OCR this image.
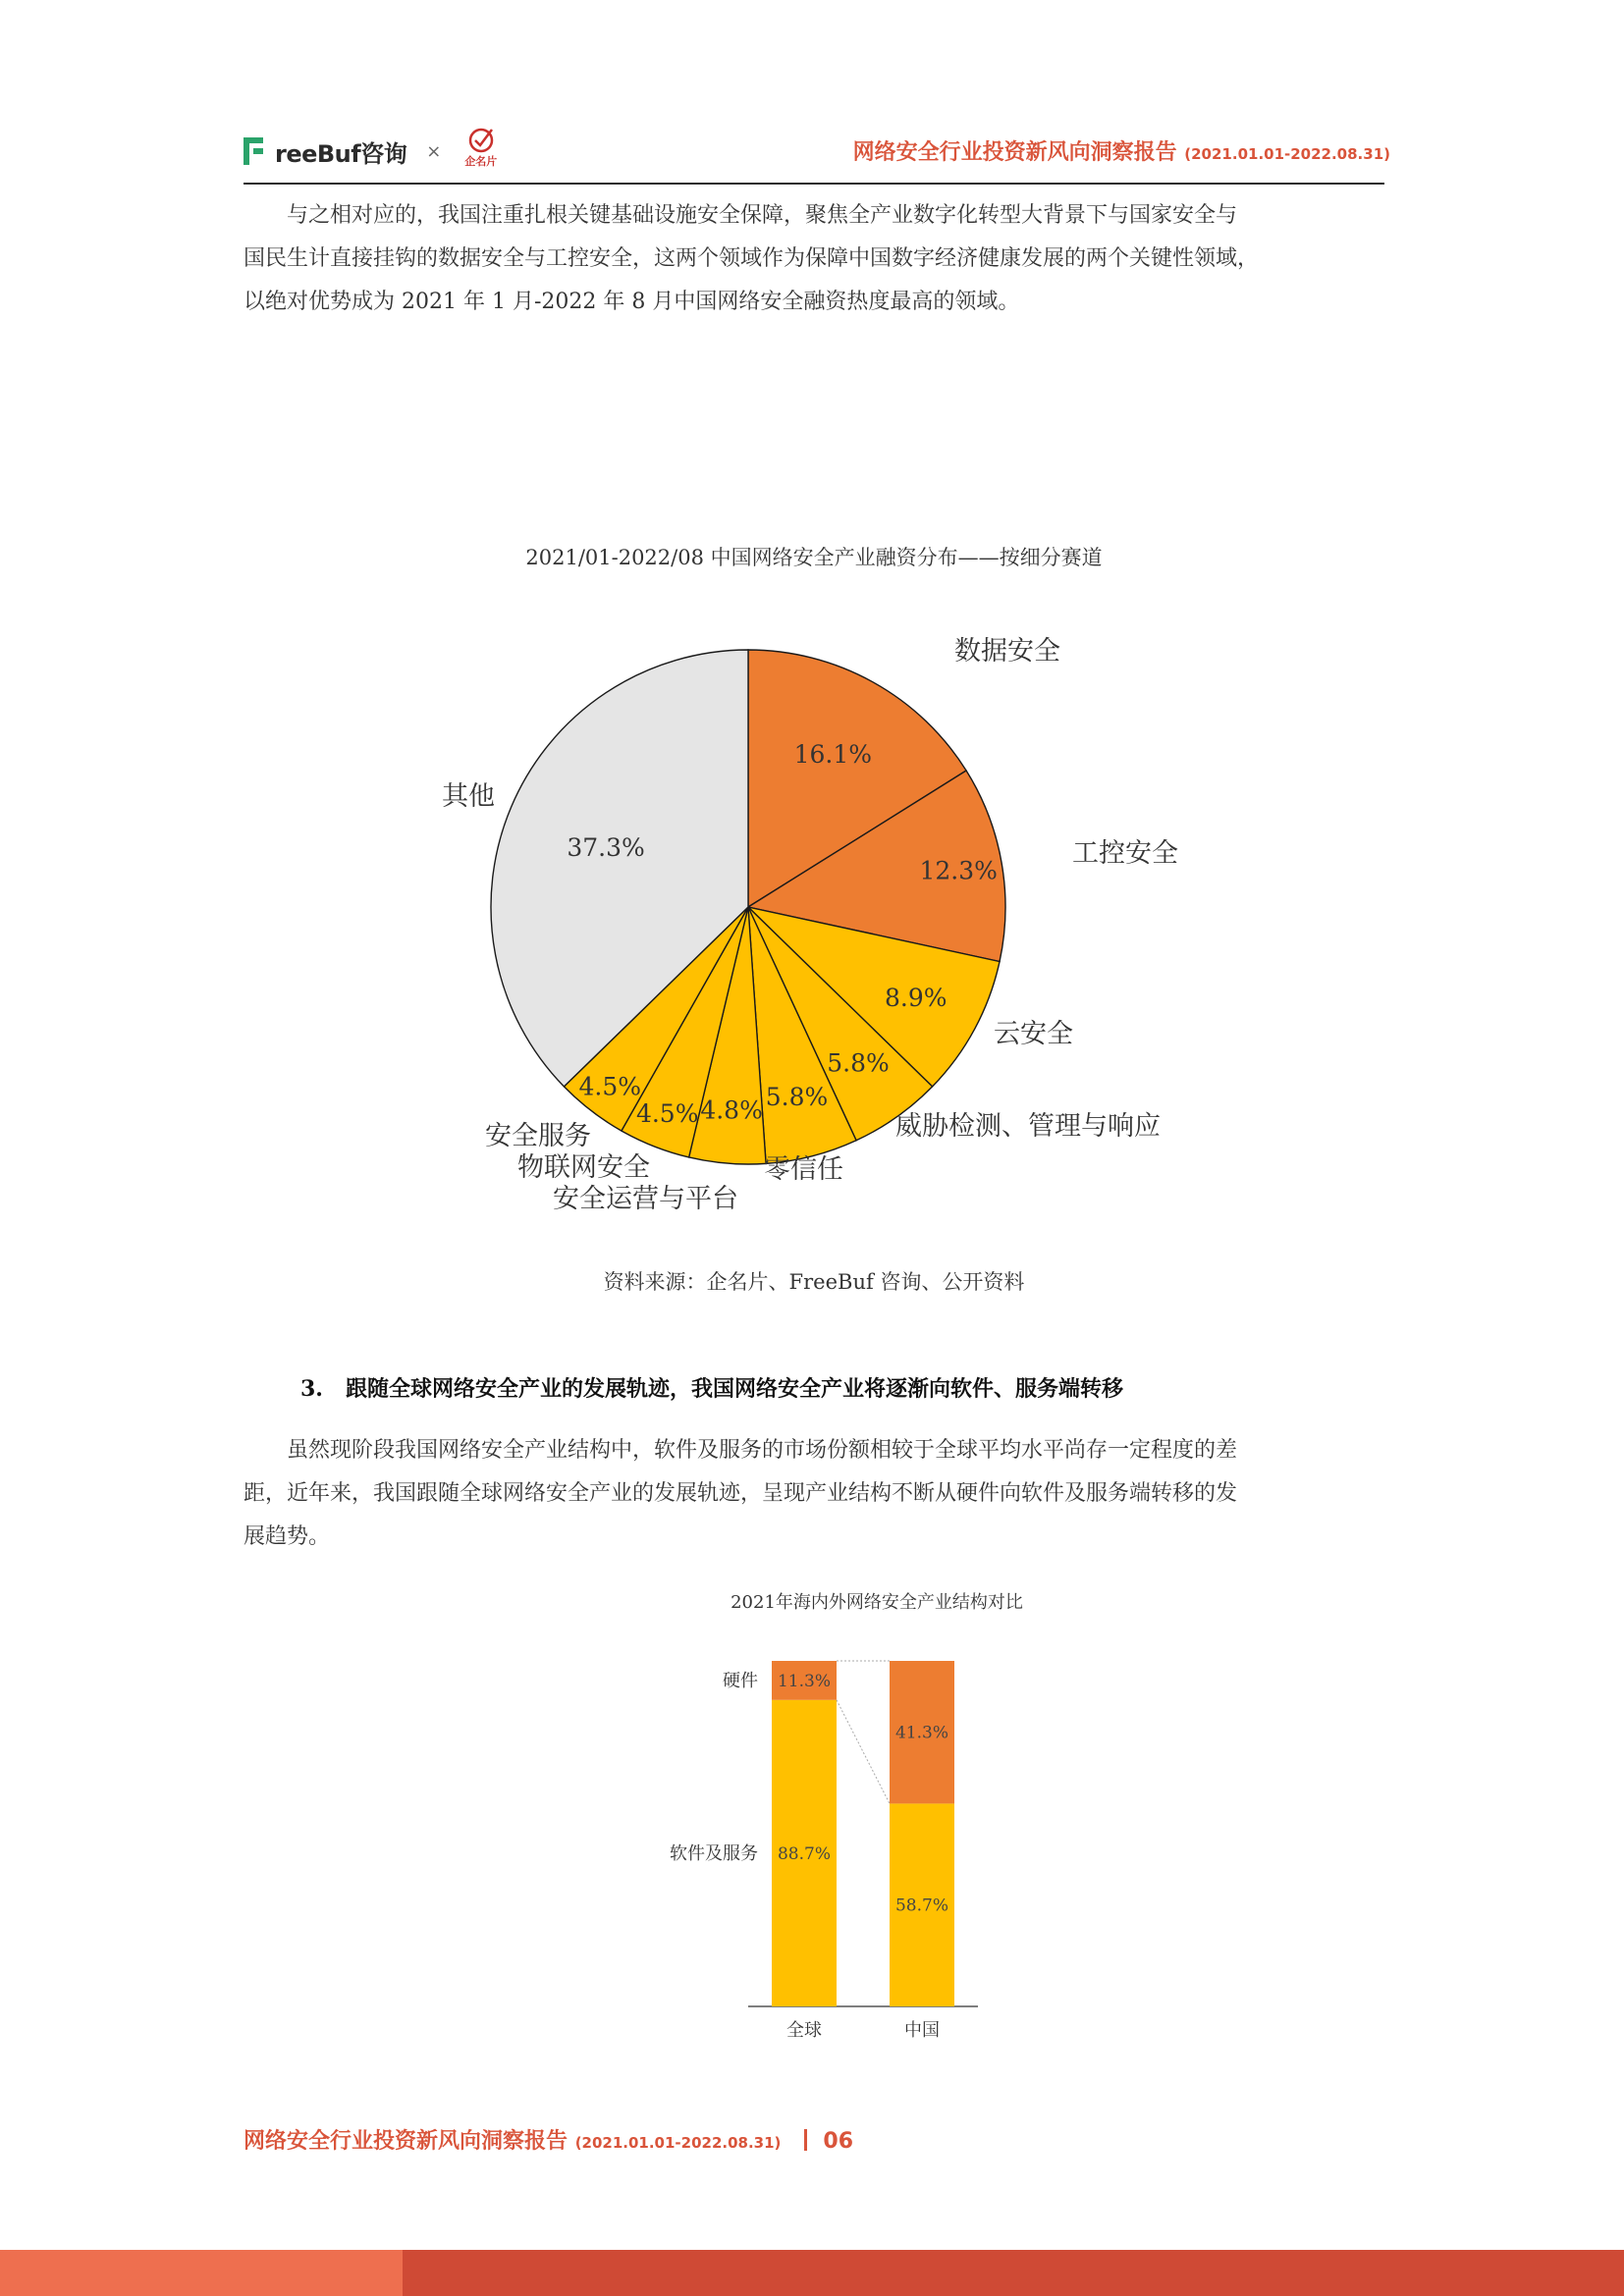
reeBuf咨询 × 企名片	网络安全行业投资新风向洞察报告 (2021.01.01-2022.08.31)

与之相对应的，我国注重扎根关键基础设施安全保障，聚焦全产业数字化转型大背景下与国家安全与

国民生计直接挂钩的数据安全与工控安全，这两个领域作为保障中国数字经济健康发展的两个关键性领域，

以绝对优势成为 2021 年 1 月-2022 年 8 月中国网络安全融资热度最高的领域。

2021/01-2022/08 中国网络安全产业融资分布——按细分赛道
16.1%
数据安全
12.3%
工控安全
8.9%
云安全
5.8%
威胁检测、管理与响应
5.8%
零信任
4.8%
安全运营与平台
4.5%
物联网安全
4.5%
安全服务
37.3%
其他
资料来源：企名片、FreeBuf 咨询、公开资料
3. 跟随全球网络安全产业的发展轨迹，我国网络安全产业将逐渐向软件、服务端转移

虽然现阶段我国网络安全产业结构中，软件及服务的市场份额相较于全球平均水平尚存一定程度的差

距，近年来，我国跟随全球网络安全产业的发展轨迹，呈现产业结构不断从硬件向软件及服务端转移的发

展趋势。

2021年海内外网络安全产业结构对比
88.7%
11.3%
全球
58.7%
41.3%
中国
软件及服务
硬件
网络安全行业投资新风向洞察报告 (2021.01.01-2022.08.31) 06
